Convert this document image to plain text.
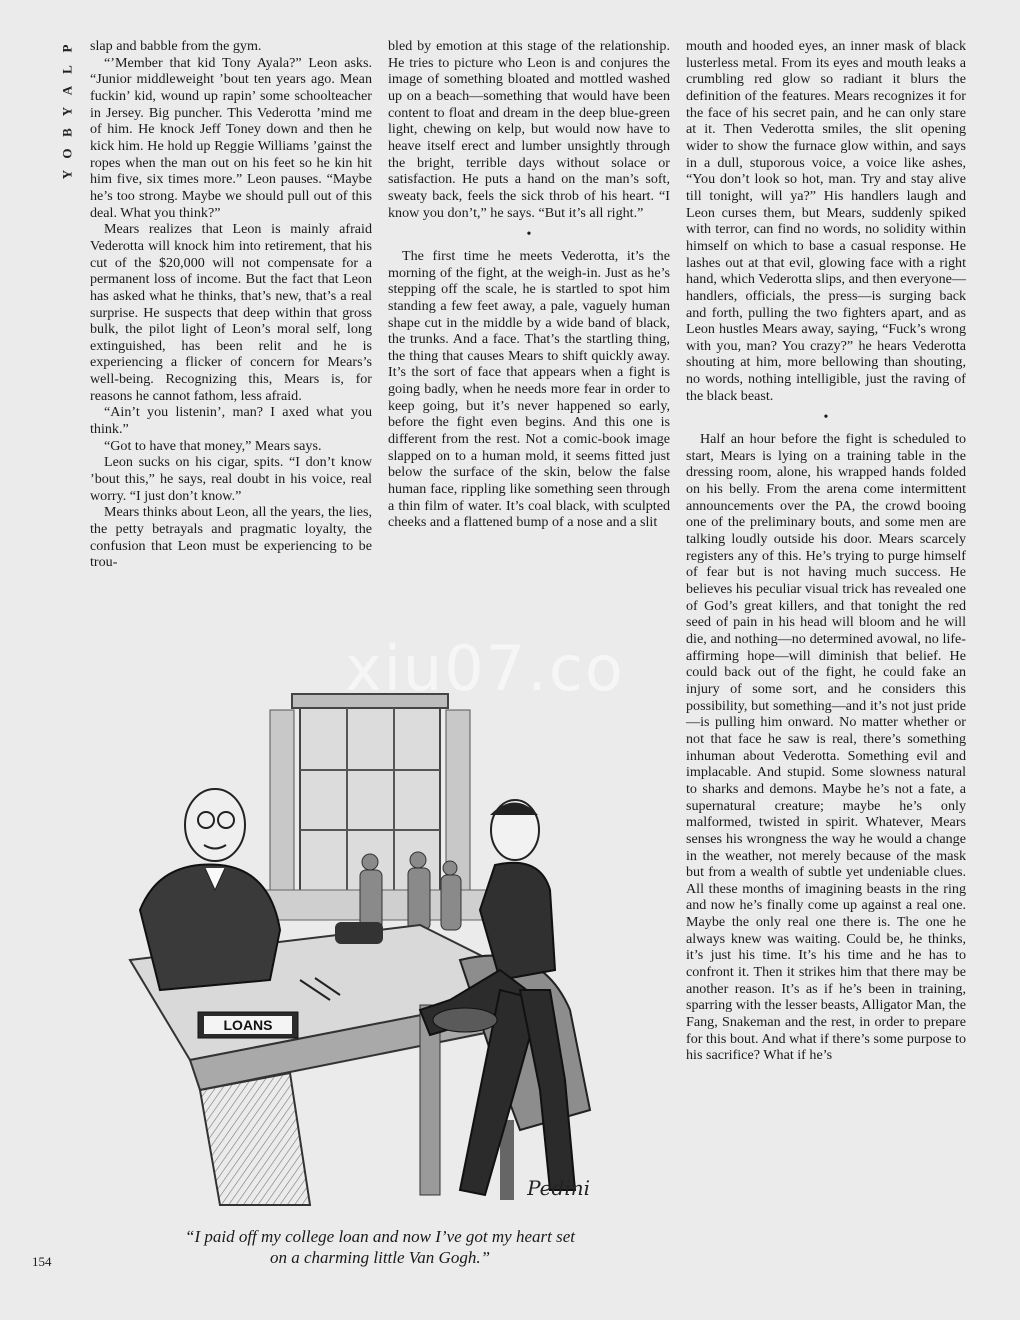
P
L
A
Y
B
O
Y

slap and babble from the gym.

“’Member that kid Tony Ayala?” Leon asks. “Junior middleweight ’bout ten years ago. Mean fuckin’ kid, wound up rapin’ some schoolteacher in Jersey. Big puncher. This Vederotta ’mind me of him. He knock Jeff Toney down and then he kick him. He hold up Reggie Williams ’gainst the ropes when the man out on his feet so he kin hit him five, six times more.” Leon pauses. “Maybe he’s too strong. Maybe we should pull out of this deal. What you think?”

Mears realizes that Leon is mainly afraid Vederotta will knock him into retirement, that his cut of the $20,000 will not compensate for a permanent loss of income. But the fact that Leon has asked what he thinks, that’s new, that’s a real surprise. He suspects that deep within that gross bulk, the pilot light of Leon’s moral self, long extinguished, has been relit and he is experiencing a flicker of concern for Mears’s well-being. Recognizing this, Mears is, for reasons he cannot fathom, less afraid.

“Ain’t you listenin’, man? I axed what you think.”

“Got to have that money,” Mears says.

Leon sucks on his cigar, spits. “I don’t know ’bout this,” he says, real doubt in his voice, real worry. “I just don’t know.”

Mears thinks about Leon, all the years, the lies, the petty betrayals and pragmatic loyalty, the confusion that Leon must be experiencing to be trou-

bled by emotion at this stage of the relationship. He tries to picture who Leon is and conjures the image of something bloated and mottled washed up on a beach—something that would have been content to float and dream in the deep blue-green light, chewing on kelp, but would now have to heave itself erect and lumber unsightly through the bright, terrible days without solace or satisfaction. He puts a hand on the man’s soft, sweaty back, feels the sick throb of his heart. “I know you don’t,” he says. “But it’s all right.”

•

The first time he meets Vederotta, it’s the morning of the fight, at the weigh-in. Just as he’s stepping off the scale, he is startled to spot him standing a few feet away, a pale, vaguely human shape cut in the middle by a wide band of black, the trunks. And a face. That’s the startling thing, the thing that causes Mears to shift quickly away. It’s the sort of face that appears when a fight is going badly, when he needs more fear in order to keep going, but it’s never happened so early, before the fight even begins. And this one is different from the rest. Not a comic-book image slapped on to a human mold, it seems fitted just below the surface of the skin, below the false human face, rippling like something seen through a thin film of water. It’s coal black, with sculpted cheeks and a flattened bump of a nose and a slit

mouth and hooded eyes, an inner mask of black lusterless metal. From its eyes and mouth leaks a crumbling red glow so radiant it blurs the definition of the features. Mears recognizes it for the face of his secret pain, and he can only stare at it. Then Vederotta smiles, the slit opening wider to show the furnace glow within, and says in a dull, stuporous voice, a voice like ashes, “You don’t look so hot, man. Try and stay alive till tonight, will ya?” His handlers laugh and Leon curses them, but Mears, suddenly spiked with terror, can find no words, no solidity within himself on which to base a casual response. He lashes out at that evil, glowing face with a right hand, which Vederotta slips, and then everyone—handlers, officials, the press—is surging back and forth, pulling the two fighters apart, and as Leon hustles Mears away, saying, “Fuck’s wrong with you, man? You crazy?” he hears Vederotta shouting at him, more bellowing than shouting, no words, nothing intelligible, just the raving of the black beast.

•

Half an hour before the fight is scheduled to start, Mears is lying on a training table in the dressing room, alone, his wrapped hands folded on his belly. From the arena come intermittent announcements over the PA, the crowd booing one of the preliminary bouts, and some men are talking loudly outside his door. Mears scarcely registers any of this. He’s trying to purge himself of fear but is not having much success. He believes his peculiar visual trick has revealed one of God’s great killers, and that tonight the red seed of pain in his head will bloom and he will die, and nothing—no determined avowal, no life-affirming hope—will diminish that belief. He could back out of the fight, he could fake an injury of some sort, and he considers this possibility, but something—and it’s not just pride—is pulling him onward. No matter whether or not that face he saw is real, there’s something inhuman about Vederotta. Something evil and implacable. And stupid. Some slowness natural to sharks and demons. Maybe he’s not a fate, a supernatural creature; maybe he’s only malformed, twisted in spirit. Whatever, Mears senses his wrongness the way he would a change in the weather, not merely because of the mask but from a wealth of subtle yet undeniable clues. All these months of imagining beasts in the ring and now he’s finally come up against a real one. Maybe the only real one there is. The one he always knew was waiting. Could be, he thinks, it’s just his time. It’s his time and he has to confront it. Then it strikes him that there may be another reason. It’s as if he’s been in training, sparring with the lesser beasts, Alligator Man, the Fang, Snakeman and the rest, in order to prepare for this bout. And what if there’s some purpose to his sacrifice? What if he’s

LOANS
Pedini
“I paid off my college loan and now I’ve got my heart set
on a charming little Van Gogh.”
154
xiu07.co
